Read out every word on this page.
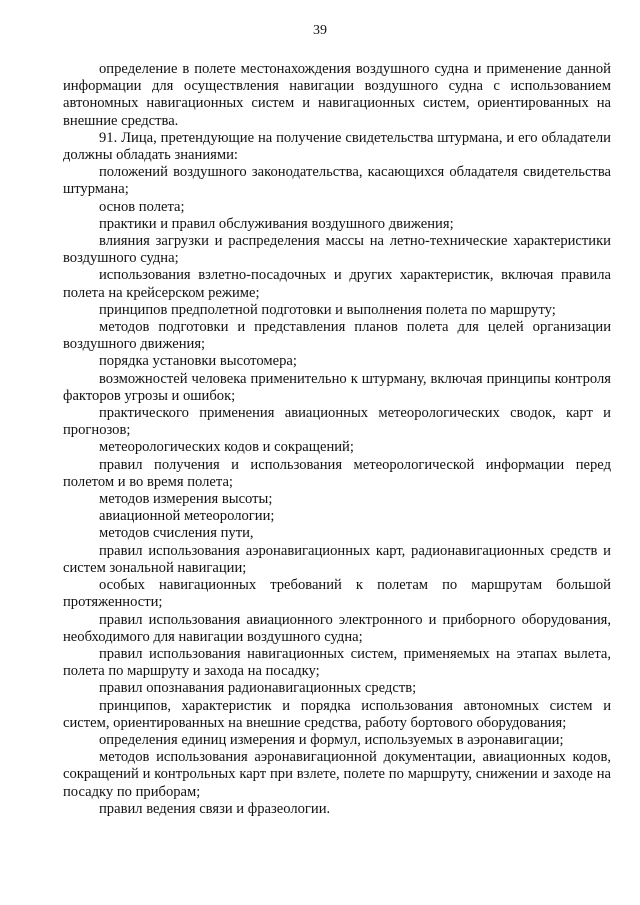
39

определение в полете местонахождения воздушного судна и применение данной информации для осуществления навигации воздушного судна с использованием автономных навигационных систем и навигационных систем, ориентированных на внешние средства.

91. Лица, претендующие на получение свидетельства штурмана, и его обладатели должны обладать знаниями:

положений воздушного законодательства, касающихся обладателя свидетельства штурмана;

основ полета;

практики и правил обслуживания воздушного движения;

влияния загрузки и распределения массы на летно-технические характеристики воздушного судна;

использования взлетно-посадочных и других характеристик, включая правила полета на крейсерском режиме;

принципов предполетной подготовки и выполнения полета по маршруту;

методов подготовки и представления планов полета для целей организации воздушного движения;

порядка установки высотомера;

возможностей человека применительно к штурману, включая принципы контроля факторов угрозы и ошибок;

практического применения авиационных метеорологических сводок, карт и прогнозов;

метеорологических кодов и сокращений;

правил получения и использования метеорологической информации перед полетом и во время полета;

методов измерения высоты;

авиационной метеорологии;

методов счисления пути,

правил использования аэронавигационных карт, радионавигационных средств и систем зональной навигации;

особых навигационных требований к полетам по маршрутам большой протяженности;

правил использования авиационного электронного и приборного оборудования, необходимого для навигации воздушного судна;

правил использования навигационных систем, применяемых на этапах вылета, полета по маршруту и захода на посадку;

правил опознавания радионавигационных средств;

принципов, характеристик и порядка использования автономных систем и систем, ориентированных на внешние средства, работу бортового оборудования;

определения единиц измерения и формул, используемых в аэронавигации;

методов использования аэронавигационной документации, авиационных кодов, сокращений и контрольных карт при взлете, полете по маршруту, снижении и заходе на посадку по приборам;

правил ведения связи и фразеологии.
